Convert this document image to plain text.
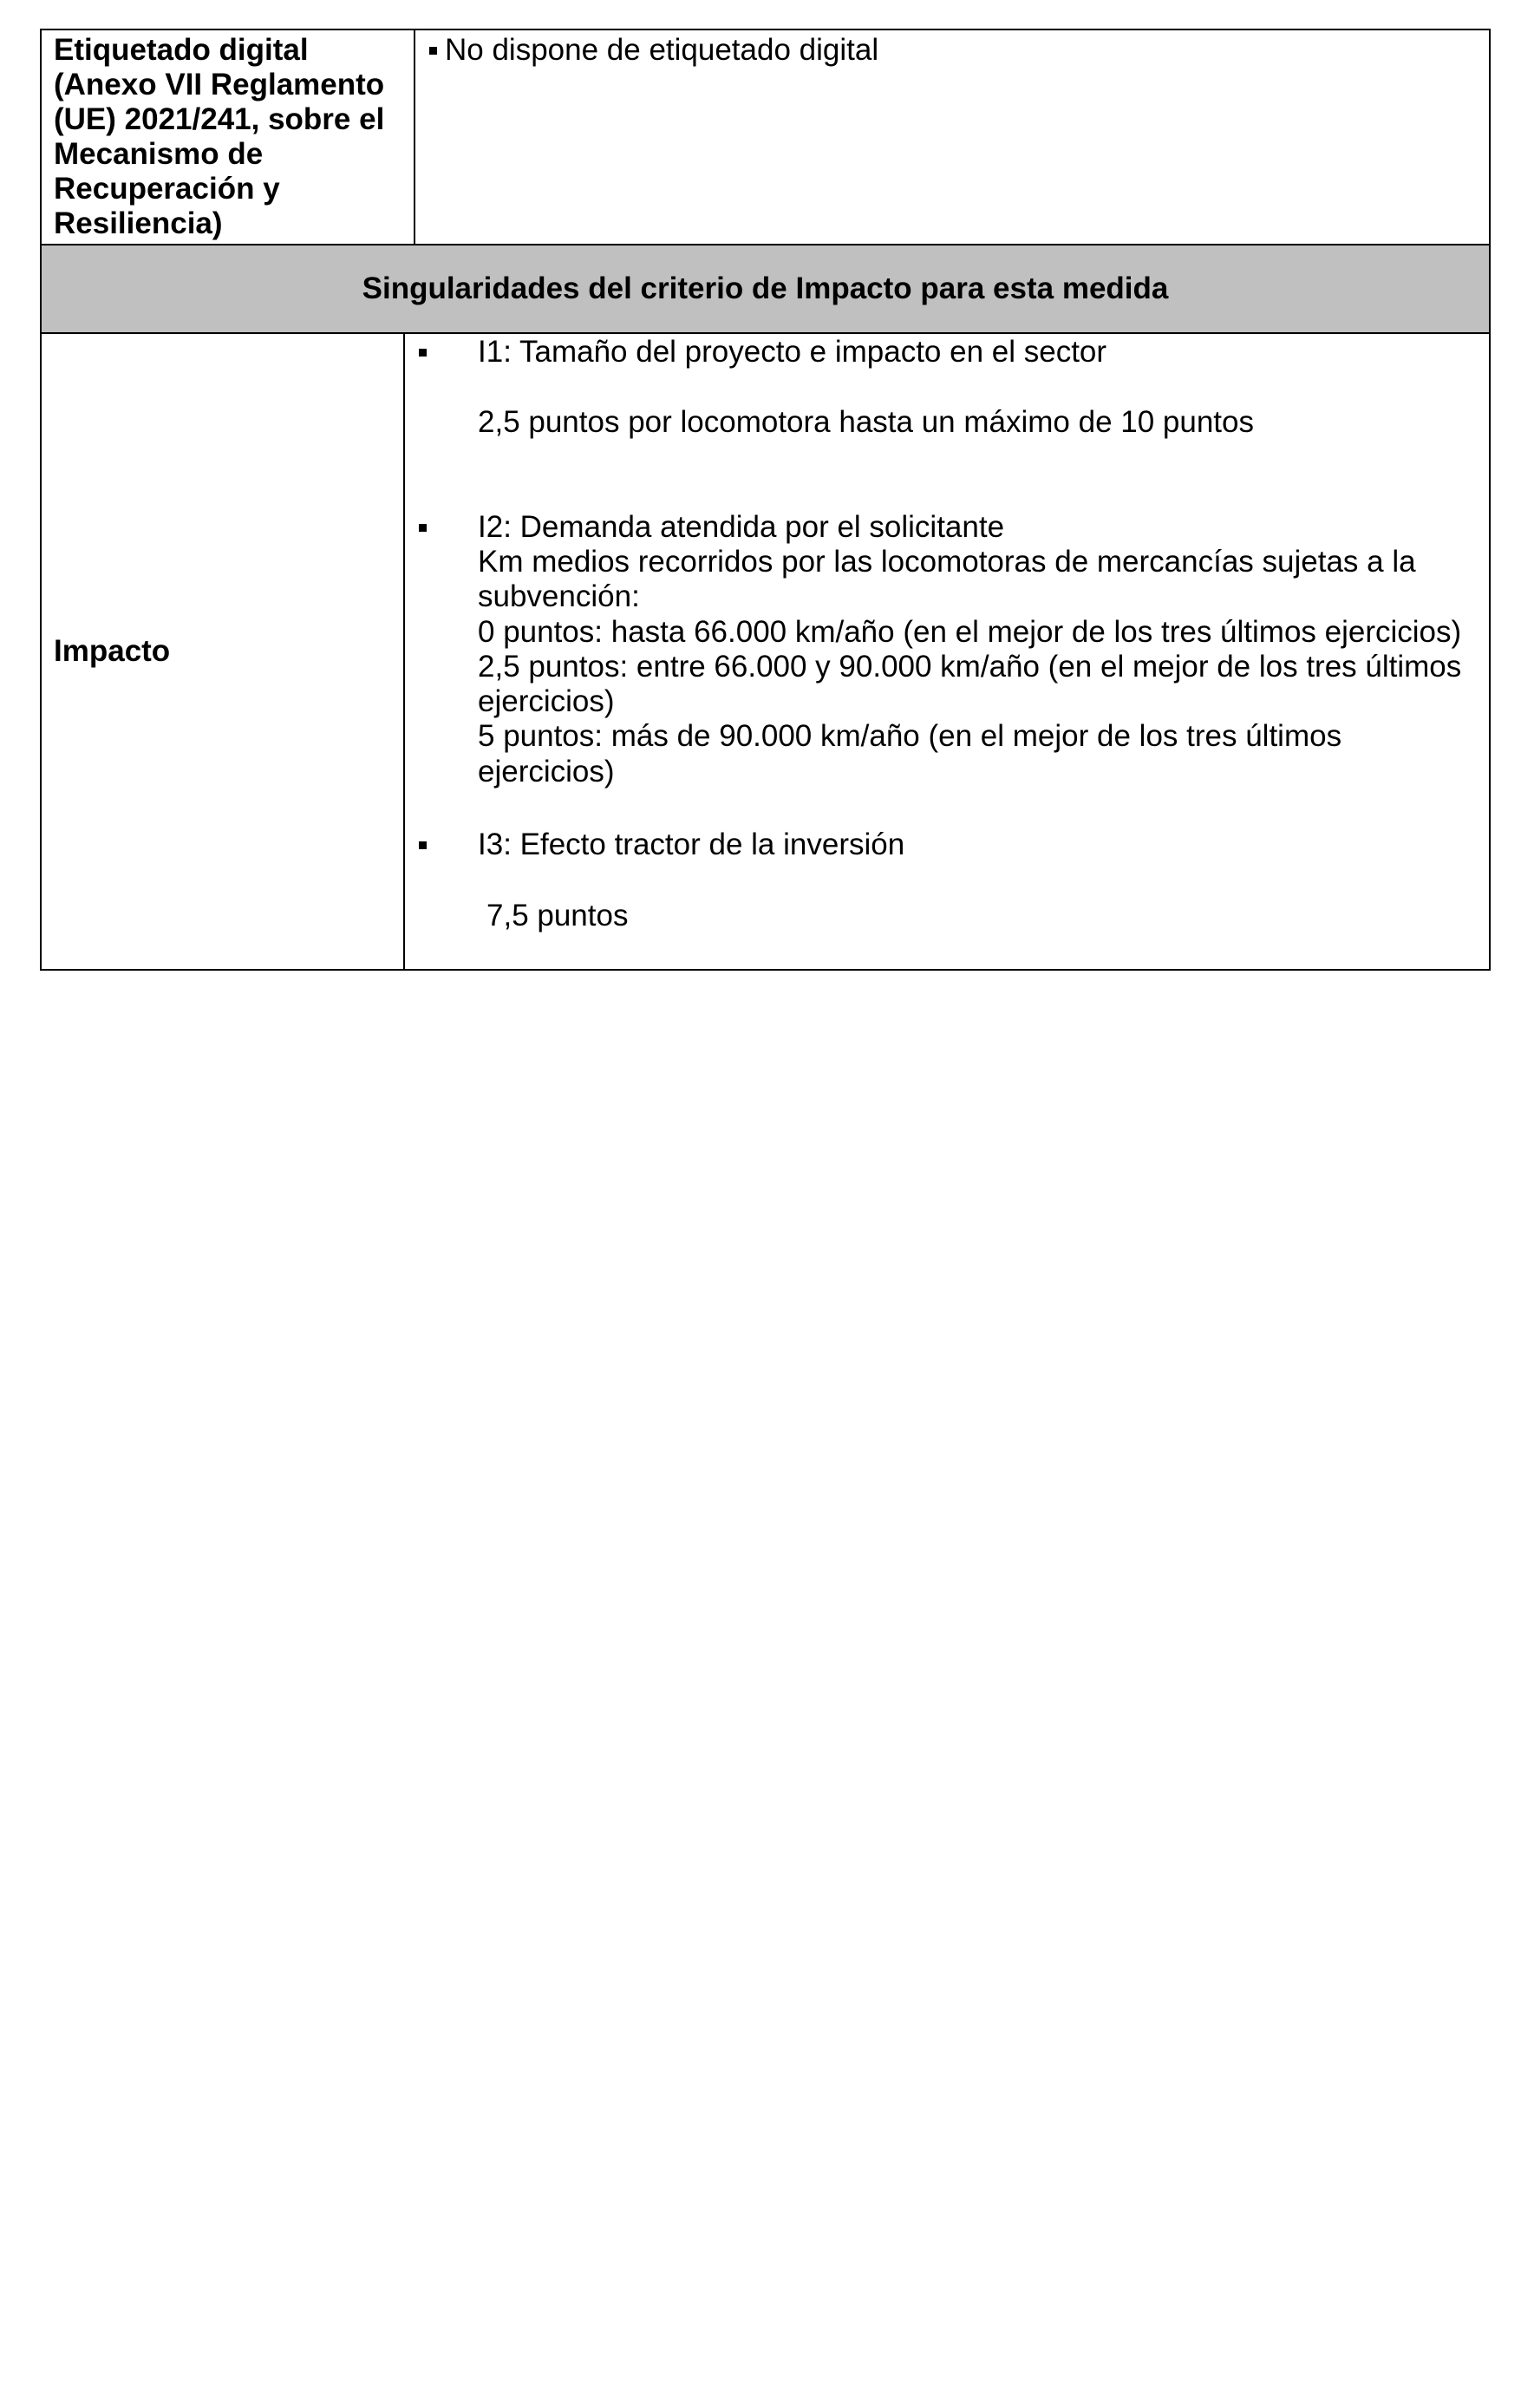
Etiquetado digital
(Anexo VII Reglamento
(UE) 2021/241, sobre el
Mecanismo de
Recuperación y
Resiliencia)
No dispone de etiquetado digital
Singularidades del criterio de Impacto para esta medida
Impacto
I1: Tamaño del proyecto e impacto en el sector
2,5 puntos por locomotora hasta un máximo de 10 puntos
I2: Demanda atendida por el solicitante
Km medios recorridos por las locomotoras de mercancías sujetas a la
subvención:
0 puntos: hasta 66.000 km/año (en el mejor de los tres últimos ejercicios)
2,5 puntos: entre 66.000 y 90.000 km/año (en el mejor de los tres últimos
ejercicios)
5 puntos: más de 90.000 km/año (en el mejor de los tres últimos
ejercicios)
I3: Efecto tractor de la inversión
7,5 puntos
